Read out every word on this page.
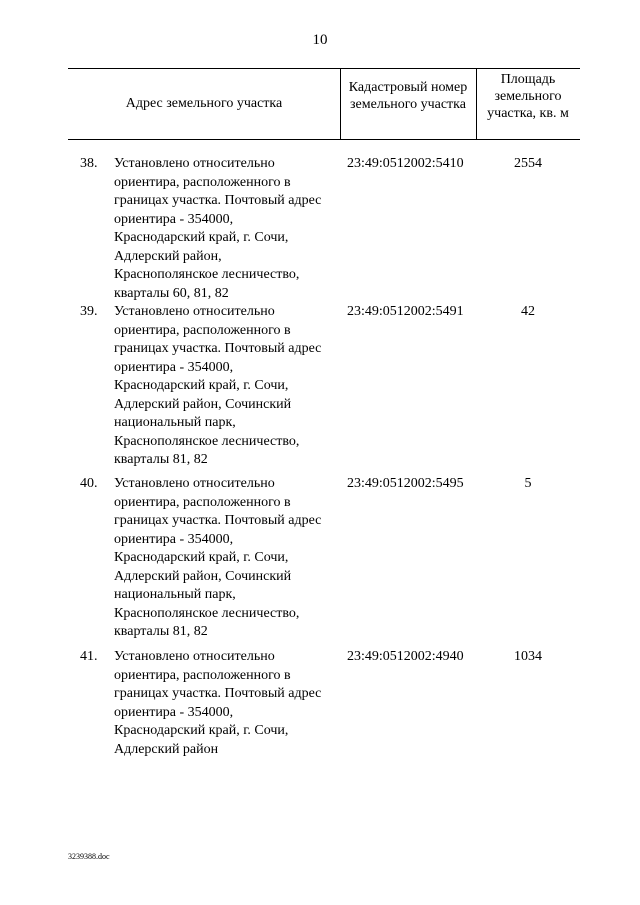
10
Адрес земельного участка
Кадастровый номер земельного участка
Площадь земельного участка, кв. м
38.	Установлено относительно
ориентира, расположенного в
границах участка. Почтовый адрес
ориентира - 354000,
Краснодарский край, г. Сочи,
Адлерский район,
Краснополянское лесничество,
кварталы 60, 81, 82
23:49:0512002:5410	2554
39.	Установлено относительно
ориентира, расположенного в
границах участка. Почтовый адрес
ориентира - 354000,
Краснодарский край, г. Сочи,
Адлерский район, Сочинский
национальный парк,
Краснополянское лесничество,
кварталы 81, 82
23:49:0512002:5491	42
40.	Установлено относительно
ориентира, расположенного в
границах участка. Почтовый адрес
ориентира - 354000,
Краснодарский край, г. Сочи,
Адлерский район, Сочинский
национальный парк,
Краснополянское лесничество,
кварталы 81, 82
23:49:0512002:5495	5
41.	Установлено относительно
ориентира, расположенного в
границах участка. Почтовый адрес
ориентира - 354000,
Краснодарский край, г. Сочи,
Адлерский район
23:49:0512002:4940	1034
3239388.doc
